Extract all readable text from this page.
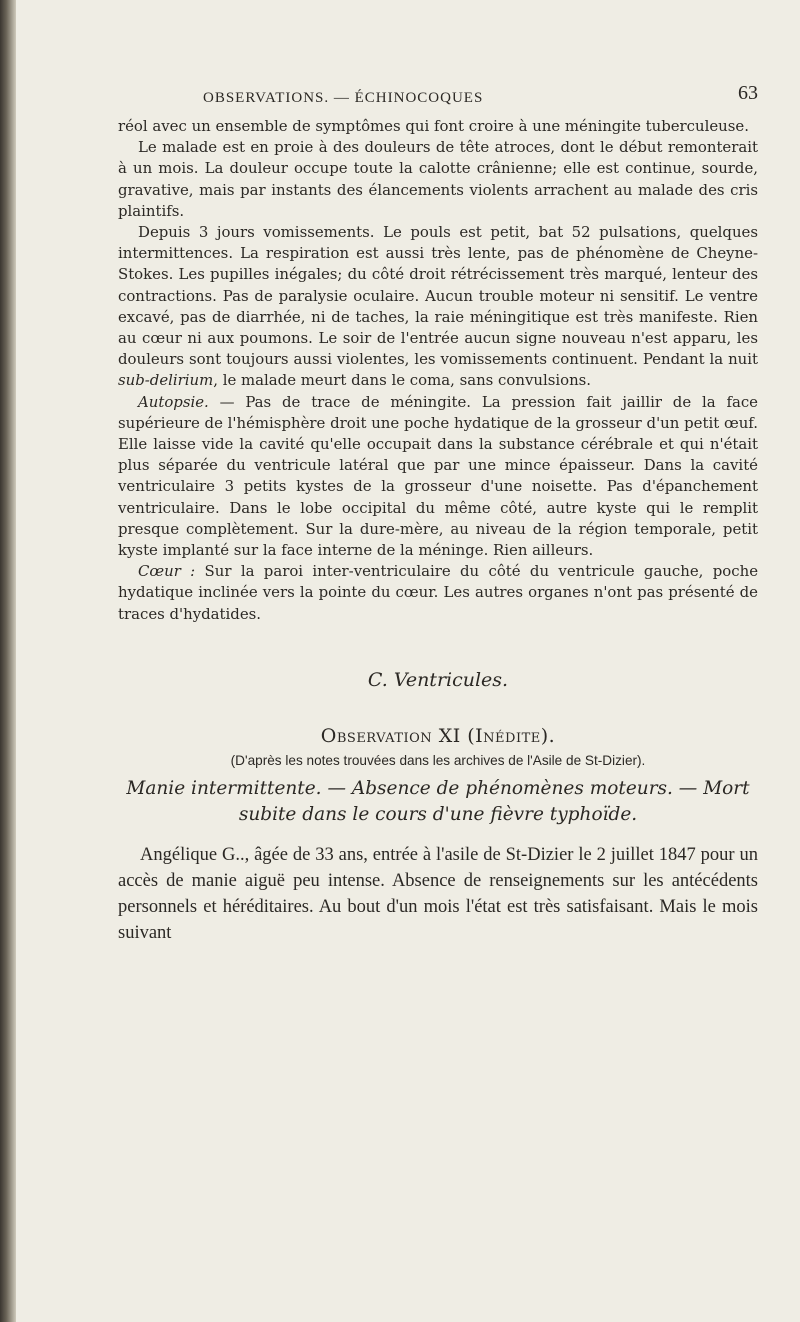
OBSERVATIONS. — ÉCHINOCOQUES	63

réol avec un ensemble de symptômes qui font croire à une méningite tuberculeuse.

Le malade est en proie à des douleurs de tête atroces, dont le début remonterait à un mois. La douleur occupe toute la calotte crânienne; elle est continue, sourde, gravative, mais par instants des élancements violents arrachent au malade des cris plaintifs.

Depuis 3 jours vomissements. Le pouls est petit, bat 52 pulsations, quelques intermittences. La respiration est aussi très lente, pas de phénomène de Cheyne-Stokes. Les pupilles inégales; du côté droit rétrécissement très marqué, lenteur des contractions. Pas de paralysie oculaire. Aucun trouble moteur ni sensitif. Le ventre excavé, pas de diarrhée, ni de taches, la raie méningitique est très manifeste. Rien au cœur ni aux poumons. Le soir de l'entrée aucun signe nouveau n'est apparu, les douleurs sont toujours aussi violentes, les vomissements continuent. Pendant la nuit sub-delirium, le malade meurt dans le coma, sans convulsions.

Autopsie. — Pas de trace de méningite. La pression fait jaillir de la face supérieure de l'hémisphère droit une poche hydatique de la grosseur d'un petit œuf. Elle laisse vide la cavité qu'elle occupait dans la substance cérébrale et qui n'était plus séparée du ventricule latéral que par une mince épaisseur. Dans la cavité ventriculaire 3 petits kystes de la grosseur d'une noisette. Pas d'épanchement ventriculaire. Dans le lobe occipital du même côté, autre kyste qui le remplit presque complètement. Sur la dure-mère, au niveau de la région temporale, petit kyste implanté sur la face interne de la méninge. Rien ailleurs.

Cœur : Sur la paroi inter-ventriculaire du côté du ventricule gauche, poche hydatique inclinée vers la pointe du cœur. Les autres organes n'ont pas présenté de traces d'hydatides.

C. Ventricules.
Observation XI (Inédite).
(D'après les notes trouvées dans les archives de l'Asile de St-Dizier).
Manie intermittente. — Absence de phénomènes moteurs. — Mort subite dans le cours d'une fièvre typhoïde.

Angélique G.., âgée de 33 ans, entrée à l'asile de St-Dizier le 2 juillet 1847 pour un accès de manie aiguë peu intense. Absence de renseignements sur les antécédents personnels et héréditaires. Au bout d'un mois l'état est très satisfaisant. Mais le mois suivant
